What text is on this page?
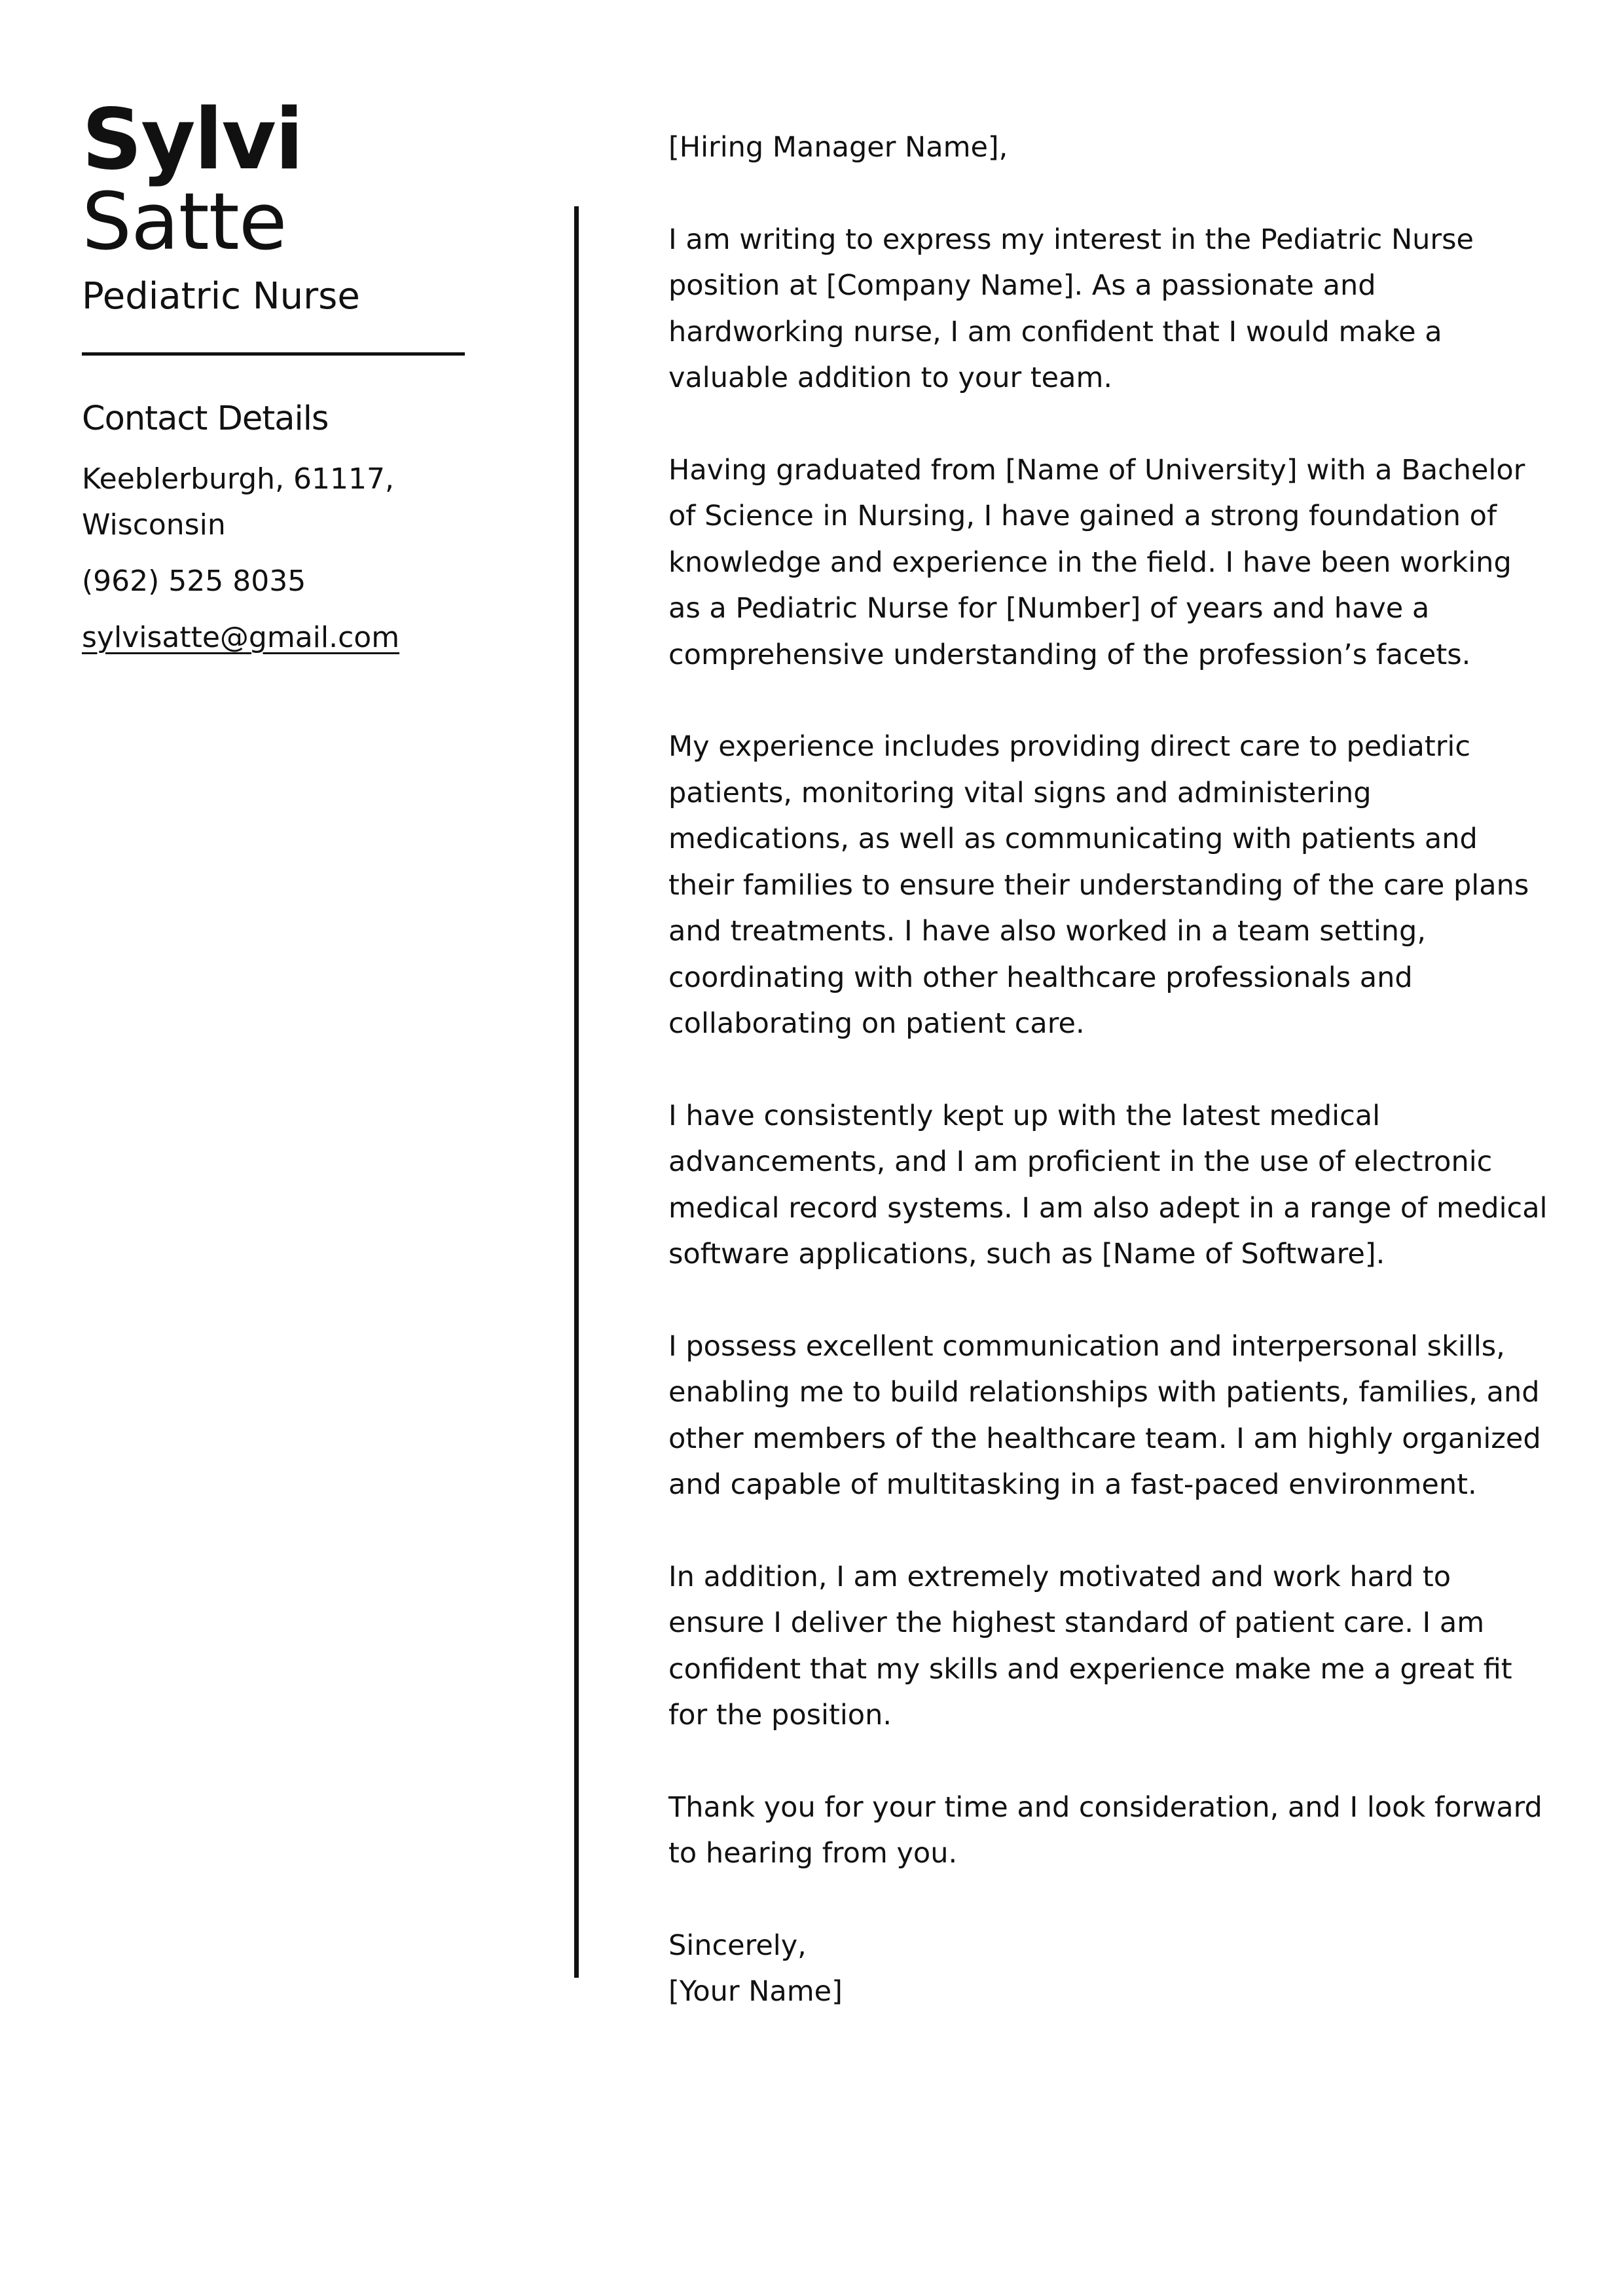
Sylvi
Satte
Pediatric Nurse
Contact Details
Keeblerburgh, 61117, Wisconsin
(962) 525 8035
sylvisatte@gmail.com

[Hiring Manager Name],

I am writing to express my interest in the Pediatric Nurse position at [Company Name]. As a passionate and hardworking nurse, I am confident that I would make a valuable addition to your team.

Having graduated from [Name of University] with a Bachelor of Science in Nursing, I have gained a strong foundation of knowledge and experience in the field. I have been working as a Pediatric Nurse for [Number] of years and have a comprehensive understanding of the profession’s facets.

My experience includes providing direct care to pediatric patients, monitoring vital signs and administering medications, as well as communicating with patients and their families to ensure their understanding of the care plans and treatments. I have also worked in a team setting, coordinating with other healthcare professionals and collaborating on patient care.

I have consistently kept up with the latest medical advancements, and I am proficient in the use of electronic medical record systems. I am also adept in a range of medical software applications, such as [Name of Software].

I possess excellent communication and interpersonal skills, enabling me to build relationships with patients, families, and other members of the healthcare team. I am highly organized and capable of multitasking in a fast-paced environment.

In addition, I am extremely motivated and work hard to ensure I deliver the highest standard of patient care. I am confident that my skills and experience make me a great fit for the position.

Thank you for your time and consideration, and I look forward to hearing from you.

Sincerely,
[Your Name]
